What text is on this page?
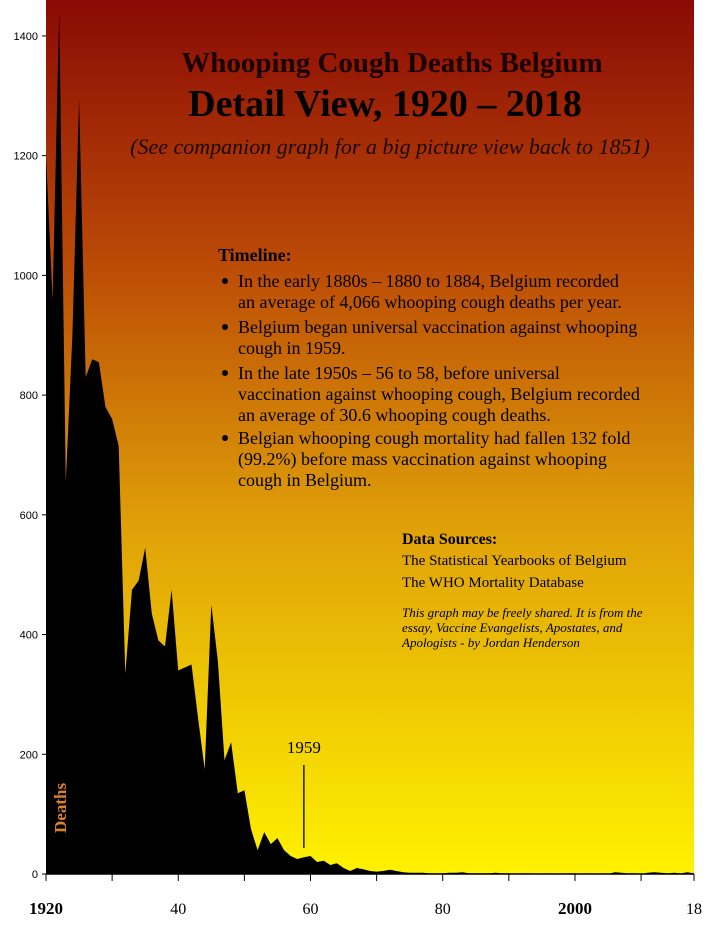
0
200
400
600
800
1000
1200
1400
1920	40	60	80	2000	18
1959
Whooping Cough Deaths Belgium
Detail View, 1920 – 2018
(See companion graph for a big picture view back to 1851)
Timeline:
In the early 1880s – 1880 to 1884, Belgium recorded
an average of 4,066 whooping cough deaths per year.
Belgium began universal vaccination against whooping
cough in 1959.
In the late 1950s – 56 to 58, before universal
vaccination against whooping cough, Belgium recorded
an average of 30.6 whooping cough deaths.
Belgian whooping cough mortality had fallen 132 fold
(99.2%) before mass vaccination against whooping
cough in Belgium.
Data Sources:
The Statistical Yearbooks of Belgium
The WHO Mortality Database
This graph may be freely shared. It is from the
essay, Vaccine Evangelists, Apostates, and
Apologists - by Jordan Henderson
Deaths
